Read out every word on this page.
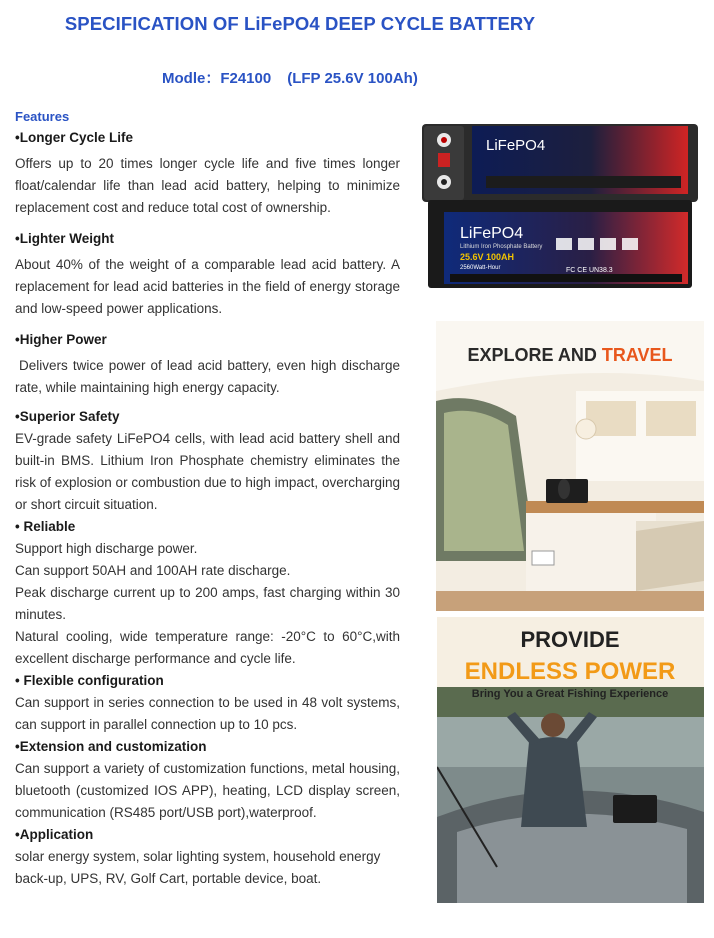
SPECIFICATION OF LiFePO4 DEEP CYCLE BATTERY
Modle：F24100 (LFP 25.6V 100Ah)
Features
•Longer Cycle Life

Offers up to 20 times longer cycle life and five times longer float/calendar life than lead acid battery, helping to minimize replacement cost and reduce total cost of ownership.

•Lighter Weight

About 40% of the weight of a comparable lead acid battery. A replacement for lead acid batteries in the field of energy storage and low-speed power applications.

•Higher Power

Delivers twice power of lead acid battery, even high discharge rate, while maintaining high energy capacity.

•Superior Safety

EV-grade safety LiFePO4 cells, with lead acid battery shell and built-in BMS. Lithium Iron Phosphate chemistry eliminates the risk of explosion or combustion due to high impact, overcharging or short circuit situation.

• Reliable

Support high discharge power.

Can support 50AH and 100AH rate discharge.

Peak discharge current up to 200 amps, fast charging within 30 minutes.

Natural cooling, wide temperature range: -20°C to 60°C,with excellent discharge performance and cycle life.

• Flexible configuration

Can support in series connection to be used in 48 volt systems, can support in parallel connection up to 10 pcs.

•Extension and customization

Can support a variety of customization functions, metal housing, bluetooth (customized IOS APP), heating, LCD display screen, communication (RS485 port/USB port),waterproof.

•Application

solar energy system, solar lighting system, household energy back-up, UPS, RV, Golf Cart, portable device, boat.

LiFePO4
LiFePO4
Lithium Iron Phosphate Battery
25.6V 100AH
2560Watt-Hour	FC CE UN38.3
EXPLORE AND TRAVEL
PROVIDE
ENDLESS POWER
Bring You a Great Fishing Experience
